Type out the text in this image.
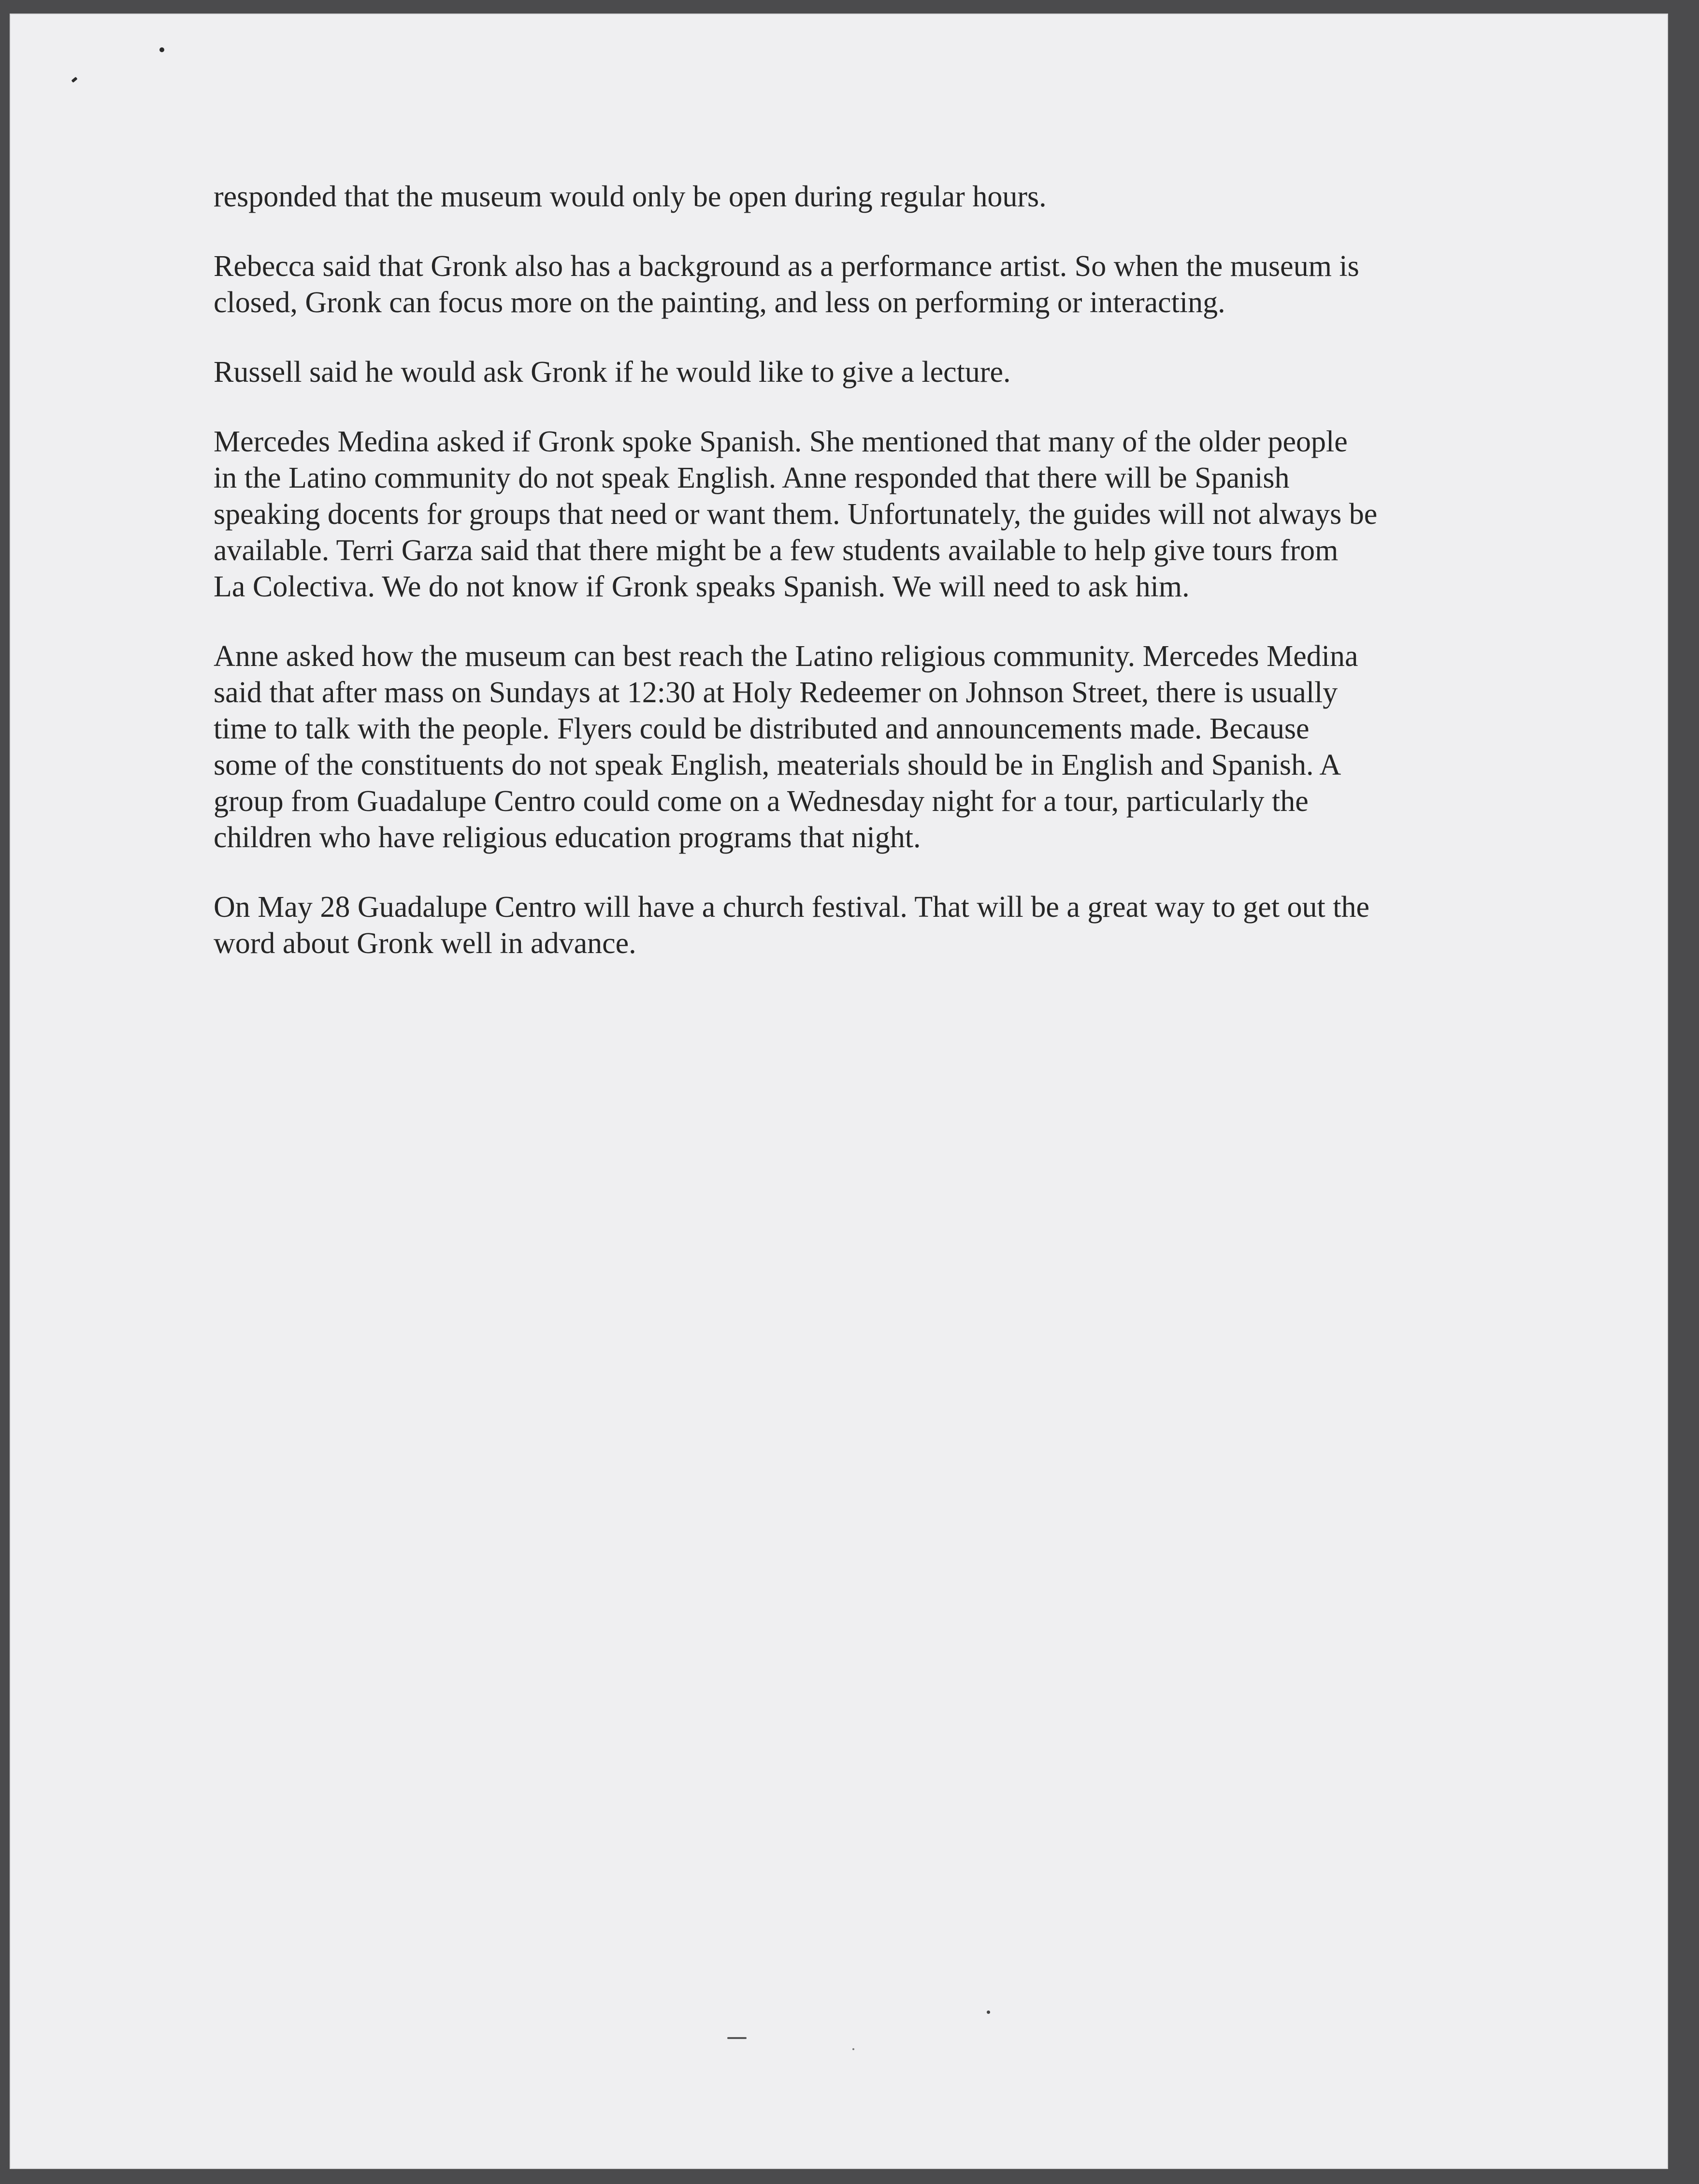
responded that the museum would only be open during regular hours.

Rebecca said that Gronk also has a background as a performance artist. So when the museum is
closed, Gronk can focus more on the painting, and less on performing or interacting.

Russell said he would ask Gronk if he would like to give a lecture.

Mercedes Medina asked if Gronk spoke Spanish. She mentioned that many of the older people
in the Latino community do not speak English. Anne responded that there will be Spanish
speaking docents for groups that need or want them. Unfortunately, the guides will not always be
available. Terri Garza said that there might be a few students available to help give tours from
La Colectiva. We do not know if Gronk speaks Spanish. We will need to ask him.

Anne asked how the museum can best reach the Latino religious community. Mercedes Medina
said that after mass on Sundays at 12:30 at Holy Redeemer on Johnson Street, there is usually
time to talk with the people. Flyers could be distributed and announcements made. Because
some of the constituents do not speak English, meaterials should be in English and Spanish. A
group from Guadalupe Centro could come on a Wednesday night for a tour, particularly the
children who have religious education programs that night.

On May 28 Guadalupe Centro will have a church festival. That will be a great way to get out the
word about Gronk well in advance.
